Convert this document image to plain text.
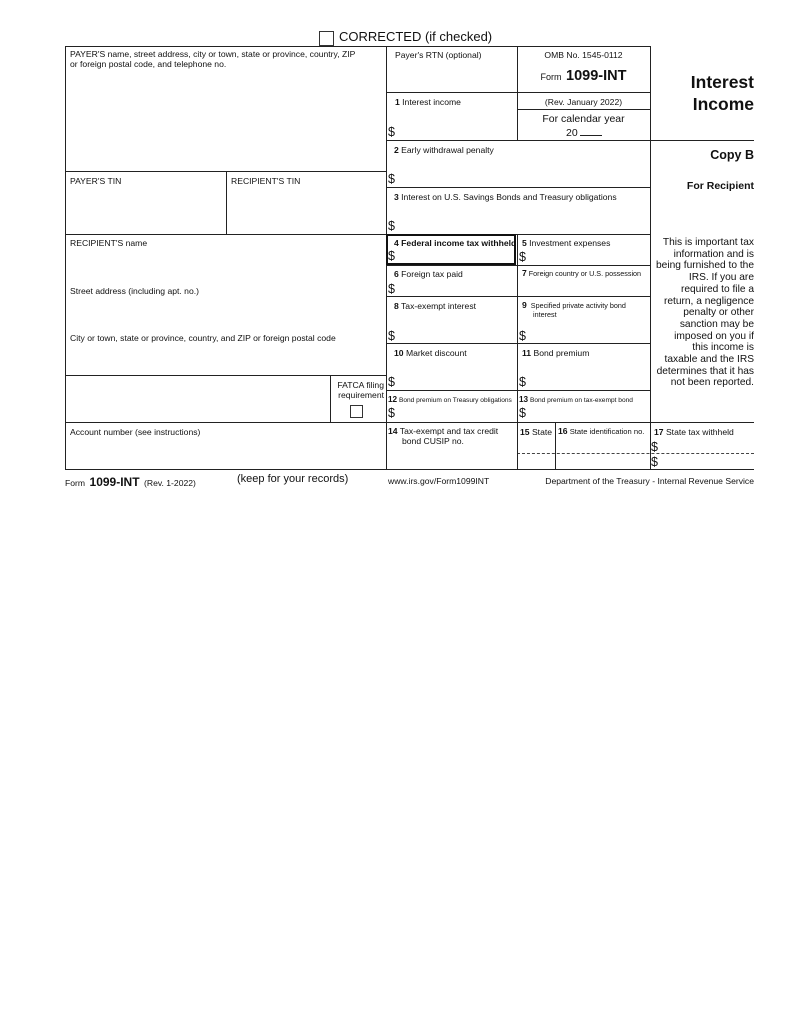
CORRECTED (if checked)
PAYER'S name, street address, city or town, state or province, country, ZIP
or foreign postal code, and telephone no.
PAYER'S TIN	RECIPIENT'S TIN
RECIPIENT'S name
Street address (including apt. no.)
City or town, state or province, country, and ZIP or foreign postal code
FATCA filing
requirement
Account number (see instructions)
Payer's RTN (optional)	OMB No. 1545-0112
Form 1099-INT
(Rev. January 2022)
For calendar year
20
Interest
Income
Copy B
For Recipient
This is important tax
information and is
being furnished to the
IRS. If you are
required to file a
return, a negligence
penalty or other
sanction may be
imposed on you if
this income is
taxable and the IRS
determines that it has
not been reported.
1 Interest income
$
2 Early withdrawal penalty
$
3 Interest on U.S. Savings Bonds and Treasury obligations
$
4 Federal income tax withheld
$
5 Investment expenses
$
6 Foreign tax paid
$
7 Foreign country or U.S. possession
8 Tax-exempt interest
$
9 Specified private activity bond
interest
$
10 Market discount
$
11 Bond premium
$
12 Bond premium on Treasury obligations
$
13 Bond premium on tax-exempt bond
$
14 Tax-exempt and tax credit
bond CUSIP no.
15 State 16 State identification no. 17 State tax withheld
$
$
Form 1099-INT (Rev. 1-2022)	(keep for your records)	www.irs.gov/Form1099INT	Department of the Treasury - Internal Revenue Service
